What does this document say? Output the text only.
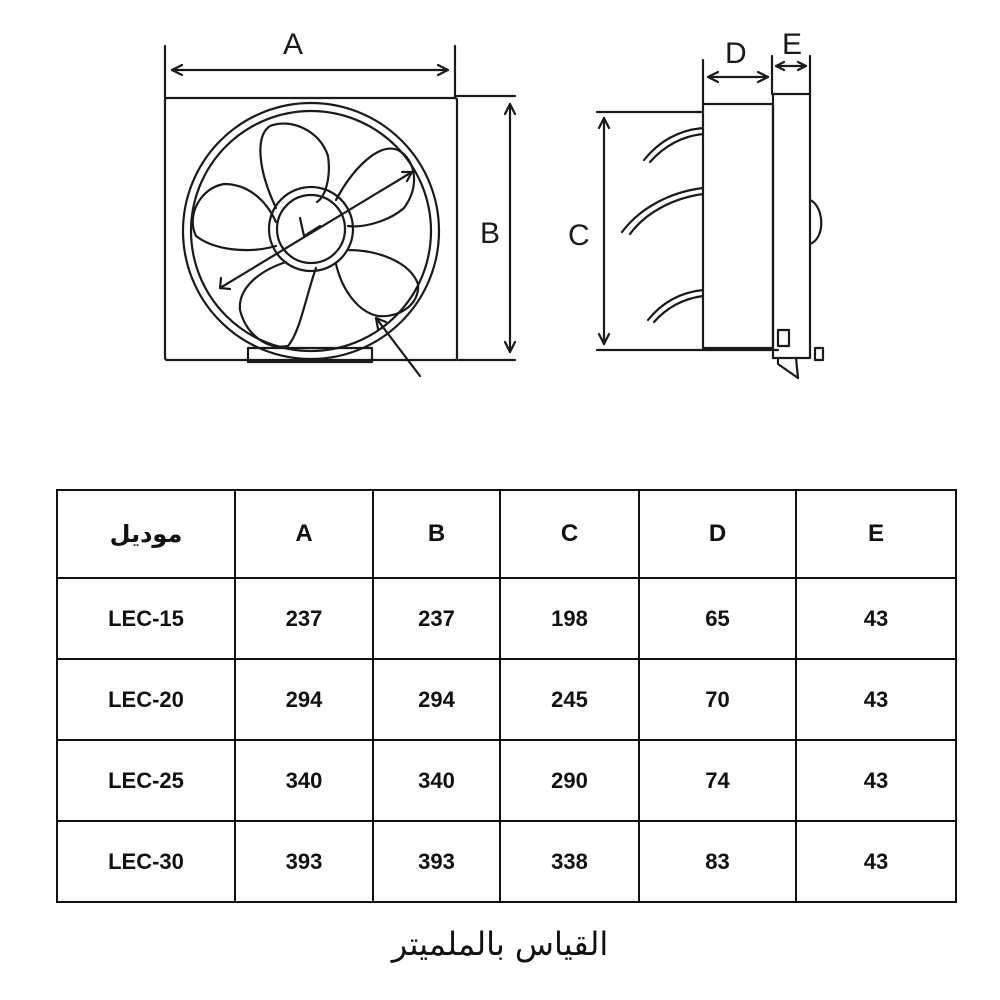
A
B C
D E
موديل	A	B	C	D	E
LEC-15	237	237	198	65	43
LEC-20	294	294	245	70	43
LEC-25	340	340	290	74	43
LEC-30	393	393	338	83	43
القياس بالملميتر
